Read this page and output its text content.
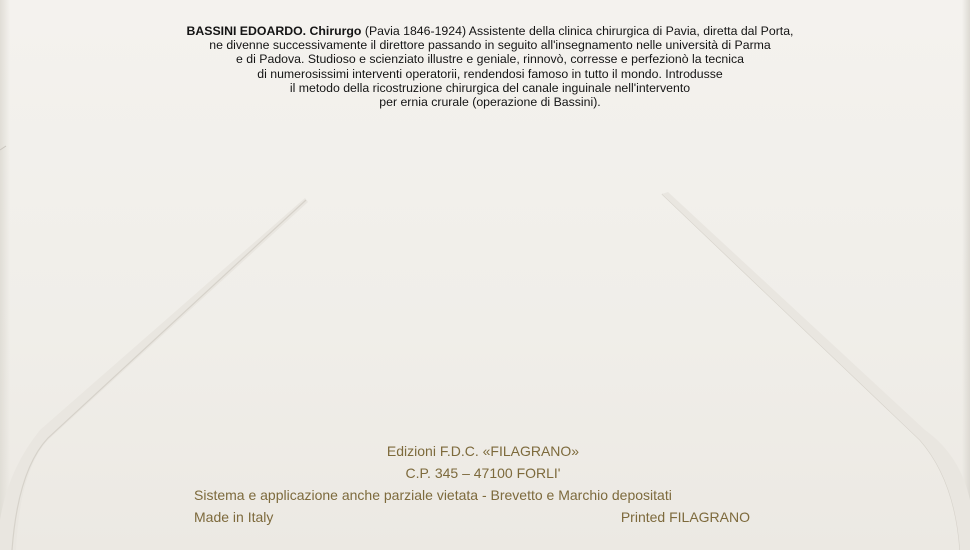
BASSINI EDOARDO. Chirurgo (Pavia 1846-1924) Assistente della clinica chirurgica di Pavia, diretta dal Porta,
ne divenne successivamente il direttore passando in seguito all'insegnamento nelle università di Parma
e di Padova. Studioso e scienziato illustre e geniale, rinnovò, corresse e perfezionò la tecnica
di numerosissimi interventi operatorii, rendendosi famoso in tutto il mondo. Introdusse
il metodo della ricostruzione chirurgica del canale inguinale nell'intervento
per ernia crurale (operazione di Bassini).

Edizioni F.D.C. «FILAGRANO»
C.P. 345 – 47100 FORLI'
Sistema e applicazione anche parziale vietata - Brevetto e Marchio depositati
Made in Italy	Printed FILAGRANO
